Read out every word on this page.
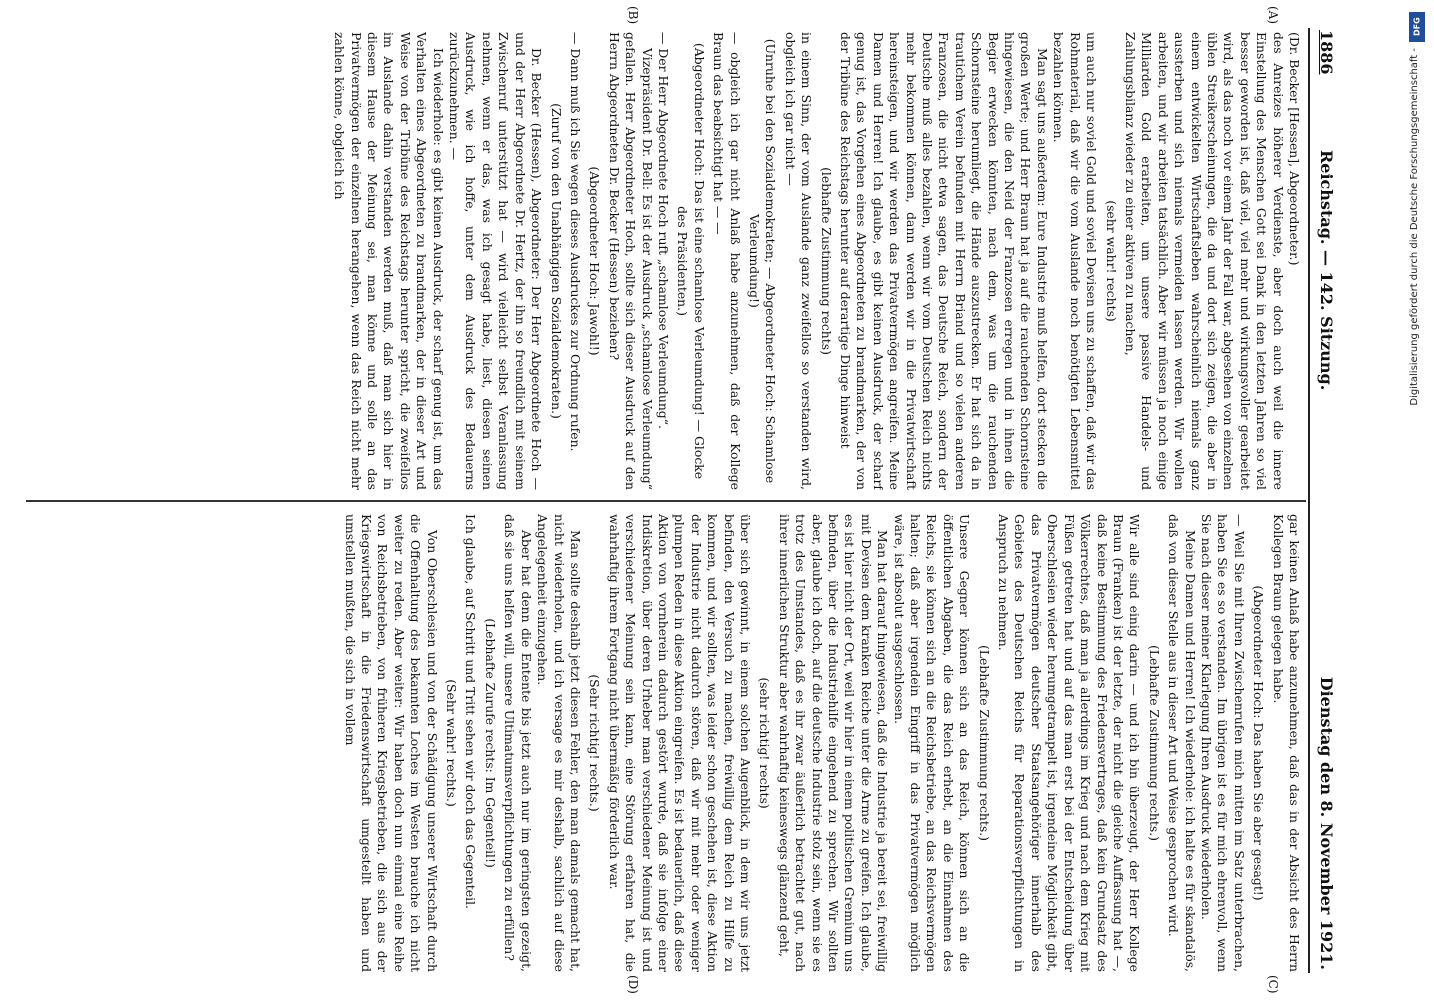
1886
Reichstag. — 142. Sitzung.
Dienstag den 8. November 1921.

(Dr. Becker [Hessen], Abgeordneter.)

des Anreizes höherer Verdienste, aber doch auch weil die innere Einstellung des Menschen Gott sei Dank in den letzten Jahren so viel besser geworden ist, daß viel, viel mehr und wirkungsvoller gearbeitet wird, als das noch vor einem Jahr der Fall war, abgesehen von einzelnen üblen Streikerscheinungen, die da und dort sich zeigen, die aber in einem entwickelten Wirtschaftsleben wahrscheinlich niemals ganz aussterben und sich niemals vermeiden lassen werden. Wir wollen arbeiten, und wir arbeiten tatsächlich. Aber wir müssen ja noch einige Milliarden Gold erarbeiten, um unsere passive Handels- und Zahlungsbilanz wieder zu einer aktiven zu machen,

(sehr wahr! rechts)

um auch nur soviel Gold und soviel Devisen uns zu schaffen, daß wir das Rohmaterial, daß wir die vom Auslande noch benötigten Lebensmittel bezahlen können.

Man sagt uns außerdem: Eure Industrie muß helfen, dort stecken die großen Werte; und Herr Braun hat ja auf die rauchenden Schornsteine hingewiesen, die den Neid der Franzosen erregen und in ihnen die Begier erwecken könnten, nach dem, was um die rauchenden Schornsteine herumliegt, die Hände auszustrecken. Er hat sich da in trautichem Verein befunden mit Herrn Briand und so vielen anderen Franzosen, die nicht etwa sagen, das Deutsche Reich, sondern der Deutsche muß alles bezahlen, wenn wir vom Deutschen Reich nichts mehr bekommen können, dann werden wir in die Privatwirtschaft hereinsteigen, und wir werden das Privatvermögen angreifen. Meine Damen und Herren! Ich glaube, es gibt keinen Ausdruck, der scharf genug ist, das Vorgehen eines Abgeordneten zu brandmarken, der von der Tribüne des Reichstags herunter auf derartige Dinge hinweist

(lebhafte Zustimmung rechts)

in einem Sinn, der vom Auslande ganz zweifellos so verstanden wird, obgleich ich gar nicht —

(Unruhe bei den Sozialdemokraten; — Abgeordneter Hoch: Schamlose Verleumdung!)

— obgleich ich gar nicht Anlaß habe anzunehmen, daß der Kollege Braun das beabsichtigt hat — —

(Abgeordneter Hoch: Das ist eine schamlose Verleumdung! — Glocke des Präsidenten.)

— Der Herr Abgeordnete Hoch ruft „schamlose Verleumdung“.

Vizepräsident Dr. Bell: Es ist der Ausdruck „schamlose Verleumdung“ gefallen. Herr Abgeordneter Hoch, sollte sich dieser Ausdruck auf den Herrn Abgeordneten Dr. Becker (Hessen) beziehen?

(Abgeordneter Hoch: Jawohl!)

— Dann muß ich Sie wegen dieses Ausdruckes zur Ordnung rufen.

(Zuruf von den Unabhängigen Sozialdemokraten.)

Dr. Becker (Hessen), Abgeordneter: Der Herr Abgeordnete Hoch — und der Herr Abgeordnete Dr. Hertz, der ihn so freundlich mit seinem Zwischenruf unterstützt hat — wird vielleicht selbst Veranlassung nehmen, wenn er das, was ich gesagt habe, liest, diesen seinen Ausdruck, wie ich hoffe, unter dem Ausdruck des Bedauerns zurückzunehmen. —

Ich wiederhole: es gibt keinen Ausdruck, der scharf genug ist, um das Verhalten eines Abgeordneten zu brandmarken, der in dieser Art und Weise von der Tribüne des Reichstags herunter spricht, die zweifellos im Auslande dahin verstanden werden muß, daß man sich hier in diesem Hause der Meinung sei, man könne und solle an das Privatvermögen der einzelnen herangehen, wenn das Reich nicht mehr zahlen könne, obgleich ich

gar keinen Anlaß habe anzunehmen, daß das in der Absicht des Herrn Kollegen Braun gelegen habe.

(Abgeordneter Hoch: Das haben Sie aber gesagt!)

— Weil Sie mit Ihren Zwischenrufen mich mitten im Satz unterbrachen, haben Sie es so verstanden. Im übrigen ist es für mich ehrenvoll, wenn Sie nach dieser meiner Klarlegung Ihren Ausdruck wiederholen.

Meine Damen und Herren! Ich wiederhole: ich halte es für skandalös, daß von dieser Stelle aus in dieser Art und Weise gesprochen wird.

(Lebhafte Zustimmung rechts.)

Wir alle sind einig darin — und ich bin überzeugt, der Herr Kollege Braun (Franken) ist der letzte, der nicht die gleiche Auffassung hat —, daß keine Bestimmung des Friedensvertrages, daß kein Grundsatz des Völkerrechtes, daß man ja allerdings im Krieg und nach dem Krieg mit Füßen getreten hat und auf das man erst bei der Entscheidung über Oberschlesien wieder herumgetrampelt ist, irgendeine Möglichkeit gibt, das Privatvermögen deutscher Staatsangehöriger innerhalb des Gebietes des Deutschen Reichs für Reparationsverpflichtungen in Anspruch zu nehmen.

(Lebhafte Zustimmung rechts.)

Unsere Gegner können sich an das Reich, können sich an die öffentlichen Abgaben, die das Reich erhebt, an die Einnahmen des Reichs, sie können sich an die Reichsbetriebe, an das Reichsvermögen halten; daß aber irgendein Eingriff in das Privatvermögen möglich wäre, ist absolut ausgeschlossen.

Man hat darauf hingewiesen, daß die Industrie ja bereit sei, freiwillig mit Devisen dem kranken Reiche unter die Arme zu greifen. Ich glaube, es ist hier nicht der Ort, weil wir hier in einem politischen Gremium uns befinden, über die Industriehilfe eingehend zu sprechen. Wir sollten aber, glaube ich doch, auf die deutsche Industrie stolz sein, wenn sie es trotz des Umstandes, daß es ihr zwar äußerlich betrachtet gut, nach ihrer innerlichen Struktur aber wahrhaftig keineswegs glänzend geht,

(sehr richtig! rechts)

über sich gewinnt, in einem solchen Augenblick, in dem wir uns jetzt befinden, den Versuch zu machen, freiwillig dem Reich zu Hilfe zu kommen, und wir sollten, was leider schon geschehen ist, diese Aktion der Industrie nicht dadurch stören, daß wir mit mehr oder weniger plumpen Reden in diese Aktion eingreifen. Es ist bedauerlich, daß diese Aktion von vornherein dadurch gestört wurde, daß sie infolge einer Indiskretion, über deren Urheber man verschiedener Meinung ist und verschiedener Meinung sein kann, eine Störung erfahren hat, die wahrhaftig ihrem Fortgang nicht übermäßig förderlich war.

(Sehr richtig! rechts.)

Man sollte deshalb jetzt diesen Fehler, den man damals gemacht hat, nicht wiederholen, und ich versage es mir deshalb, sachlich auf diese Angelegenheit einzugehen.

Aber hat denn die Entente bis jetzt auch nur im geringsten gezeigt, daß sie uns helfen will, unsere Ultimatumsverpflichtungen zu erfüllen?

(Lebhafte Zurufe rechts: Im Gegenteil!)

Ich glaube, auf Schritt und Tritt sehen wir doch das Gegenteil.

(Sehr wahr! rechts.)

Von Oberschlesien und von der Schädigung unserer Wirtschaft durch die Offenhaltung des bekannten Loches im Westen brauche ich nicht weiter zu reden. Aber weiter: Wir haben doch nun einmal eine Reihe von Reichsbetrieben, von früheren Kriegsbetrieben, die sich aus der Kriegswirtschaft in die Friedenswirtschaft umgestellt haben und umstellen mußten, die sich in vollem

(A)
(B)
(C)
(D)
DFG
Digitalisierung gefördert durch die Deutsche Forschungsgemeinschaft -
